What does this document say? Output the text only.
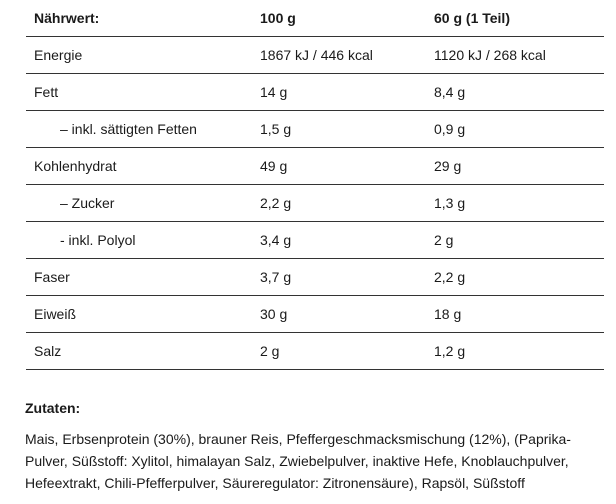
Nährwert:	100 g	60 g (1 Teil)
Energie	1867 kJ / 446 kcal	1120 kJ / 268 kcal
Fett	14 g	8,4 g
– inkl. sättigten Fetten	1,5 g	0,9 g
Kohlenhydrat	49 g	29 g
– Zucker	2,2 g	1,3 g
- inkl. Polyol	3,4 g	2 g
Faser	3,7 g	2,2 g
Eiweiß	30 g	18 g
Salz	2 g	1,2 g

Zutaten:

Mais, Erbsenprotein (30%), brauner Reis, Pfeffergeschmacksmischung (12%), (Paprika-Pulver, Süßstoff: Xylitol, himalayan Salz, Zwiebelpulver, inaktive Hefe, Knoblauchpulver, Hefeextrakt, Chili-Pfefferpulver, Säureregulator: Zitronensäure), Rapsöl, Süßstoff
